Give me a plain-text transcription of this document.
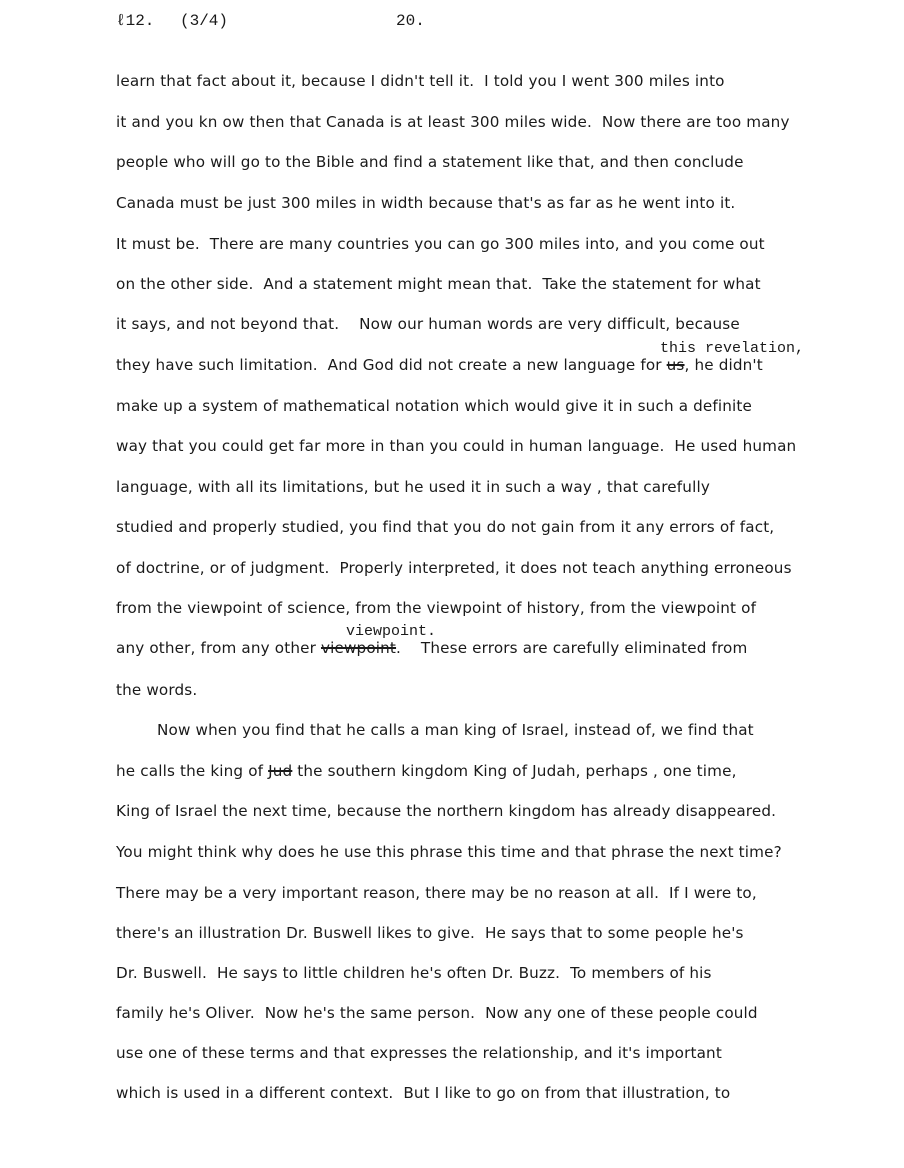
ℓ12. (3/4)	20.
learn that fact about it, because I didn't tell it.  I told you I went 300 miles into
it and you kn ow then that Canada is at least 300 miles wide.  Now there are too many
people who will go to the Bible and find a statement like that, and then conclude
Canada must be just 300 miles in width because that's as far as he went into it.
It must be.  There are many countries you can go 300 miles into, and you come out
on the other side.  And a statement might mean that.  Take the statement for what
it says, and not beyond that.    Now our human words are very difficult, because
this revelation,
they have such limitation.  And God did not create a new language for us, he didn't
make up a system of mathematical notation which would give it in such a definite
way that you could get far more in than you could in human language.  He used human
language, with all its limitations, but he used it in such a way , that carefully
studied and properly studied, you find that you do not gain from it any errors of fact,
of doctrine, or of judgment.  Properly interpreted, it does not teach anything erroneous
from the viewpoint of science, from the viewpoint of history, from the viewpoint of
viewpoint.
any other, from any other viewpoint.    These errors are carefully eliminated from
the words.
Now when you find that he calls a man king of Israel, instead of, we find that
he calls the king of Jud the southern kingdom King of Judah, perhaps , one time,
King of Israel the next time, because the northern kingdom has already disappeared.
You might think why does he use this phrase this time and that phrase the next time?
There may be a very important reason, there may be no reason at all.  If I were to,
there's an illustration Dr. Buswell likes to give.  He says that to some people he's
Dr. Buswell.  He says to little children he's often Dr. Buzz.  To members of his
family he's Oliver.  Now he's the same person.  Now any one of these people could
use one of these terms and that expresses the relationship, and it's important
which is used in a different context.  But I like to go on from that illustration, to
